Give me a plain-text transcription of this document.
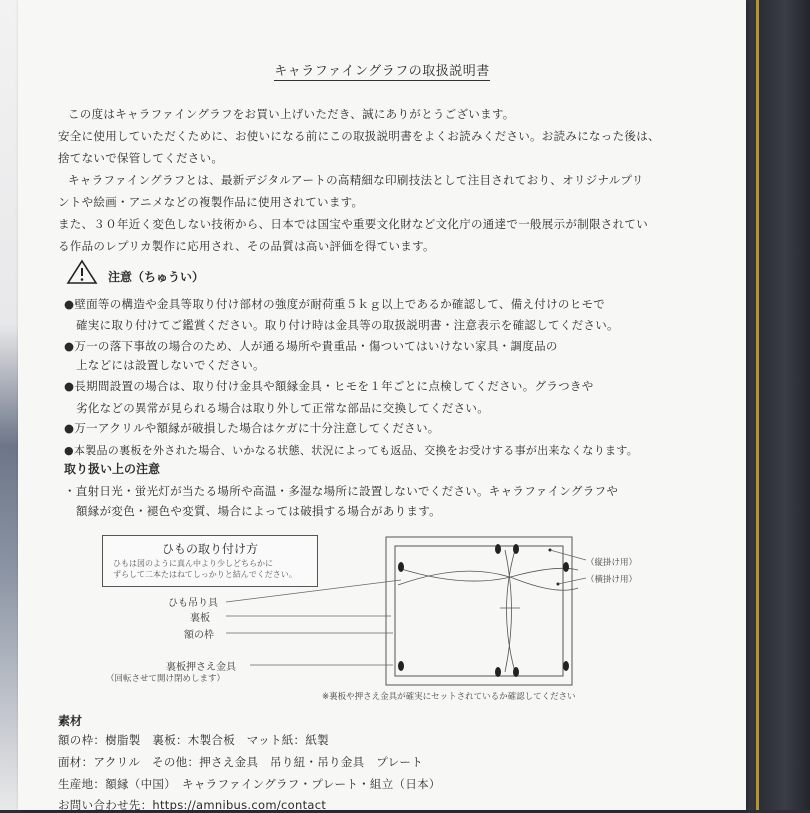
キャラファイングラフの取扱説明書
この度はキャラファイングラフをお買い上げいただき、誠にありがとうございます。
安全に使用していただくために、お使いになる前にこの取扱説明書をよくお読みください。お読みになった後は、
捨てないで保管してください。
キャラファイングラフとは、最新デジタルアートの高精細な印刷技法として注目されており、オリジナルプリ
ントや絵画・アニメなどの複製作品に使用されています。
また、３０年近く変色しない技術から、日本では国宝や重要文化財など文化庁の通達で一般展示が制限されてい
る作品のレプリカ製作に応用され、その品質は高い評価を得ています。
注意（ちゅうい）
●壁面等の構造や金具等取り付け部材の強度が耐荷重５ｋｇ以上であるか確認して、備え付けのヒモで
確実に取り付けてご鑑賞ください。取り付け時は金具等の取扱説明書・注意表示を確認してください。
●万一の落下事故の場合のため、人が通る場所や貴重品・傷ついてはいけない家具・調度品の
上などには設置しないでください。
●長期間設置の場合は、取り付け金具や額縁金具・ヒモを１年ごとに点検してください。グラつきや
劣化などの異常が見られる場合は取り外して正常な部品に交換してください。
●万一アクリルや額縁が破損した場合はケガに十分注意してください。
●本製品の裏板を外された場合、いかなる状態、状況によっても返品、交換をお受けする事が出来なくなります。
取り扱い上の注意
・直射日光・蛍光灯が当たる場所や高温・多湿な場所に設置しないでください。キャラファイングラフや
額縁が変色・褪色や変質、場合によっては破損する場合があります。
ひもの取り付け方
ひもは図のように真ん中より少しどちらかに
ずらして二本たはねてしっかりと結んでください。
ひも吊り具
裏板
額の枠
裏板押さえ金具
（回転させて開け閉めします）
（縦掛け用）
（横掛け用）
※裏板や押さえ金具が確実にセットされているか確認してください
素材
額の枠：樹脂製　裏板：木製合板　マット紙：紙製
面材：アクリル　その他：押さえ金具　吊り紐・吊り金具　プレート
生産地：額縁（中国）　キャラファイングラフ・プレート・組立（日本）
お問い合わせ先：https://amnibus.com/contact
